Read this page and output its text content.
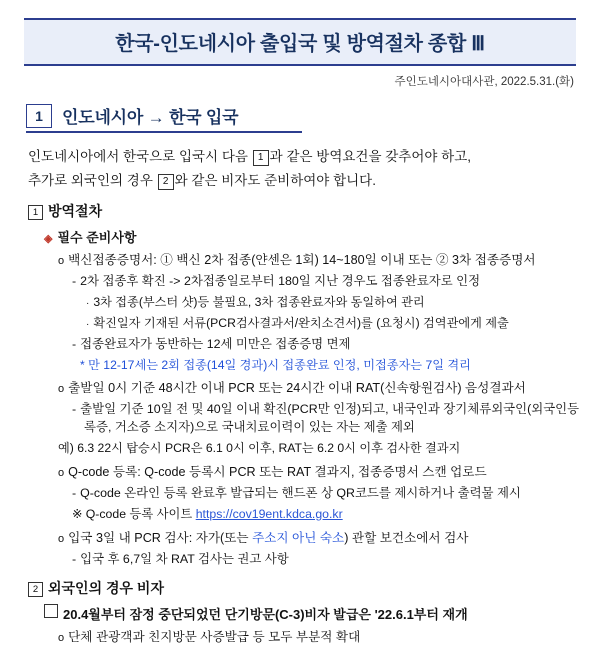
한국-인도네시아 출입국 및 방역절차 종합 Ⅲ
주인도네시아대사관, 2022.5.31.(화)
1	인도네시아 → 한국 입국
인도네시아에서 한국으로 입국시 다음 1 과 같은 방역요건을 갖추어야 하고,
추가로 외국인의 경우 2 와 같은 비자도 준비하여야 합니다.
1 방역절차
◈ 필수 준비사항
o 백신접종증명서: ① 백신 2차 접종(얀센은 1회) 14~180일 이내 또는 ② 3차 접종증명서
- 2차 접종후 확진 -> 2차접종일로부터 180일 지난 경우도 접종완료자로 인정
· 3차 접종(부스터 샷)등 불필요, 3차 접종완료자와 동일하여 관리
· 확진일자 기재된 서류(PCR검사결과서/완치소견서)를 (요청시) 검역관에게 제출
- 접종완료자가 동반하는 12세 미만은 접종증명 면제
* 만 12-17세는 2회 접종(14일 경과)시 접종완료 인정, 미접종자는 7일 격리
o 출발일 0시 기준 48시간 이내 PCR 또는 24시간 이내 RAT(신속항원검사) 음성결과서
- 출발일 기준 10일 전 및 40일 이내 확진(PCR만 인정)되고, 내국인과 장기체류외국인(외국인등록증, 거소증 소지자)으로 국내치료이력이 있는 자는 제출 제외
예) 6.3 22시 탑승시 PCR은 6.1 0시 이후, RAT는 6.2 0시 이후 검사한 결과지
o Q-code 등록: Q-code 등록시 PCR 또는 RAT 결과지, 접종증명서 스캔 업로드
- Q-code 온라인 등록 완료후 발급되는 핸드폰 상 QR코드를 제시하거나 출력물 제시
※ Q-code 등록 사이트 https://cov19ent.kdca.go.kr
o 입국 3일 내 PCR 검사: 자가(또는 주소지 아닌 숙소) 관할 보건소에서 검사
- 입국 후 6,7일 차 RAT 검사는 권고 사항
2 외국인의 경우 비자
20.4월부터 잠정 중단되었던 단기방문(C-3)비자 발급은 '22.6.1부터 재개
o 단체 관광객과 친지방문 사증발급 등 모두 부분적 확대
